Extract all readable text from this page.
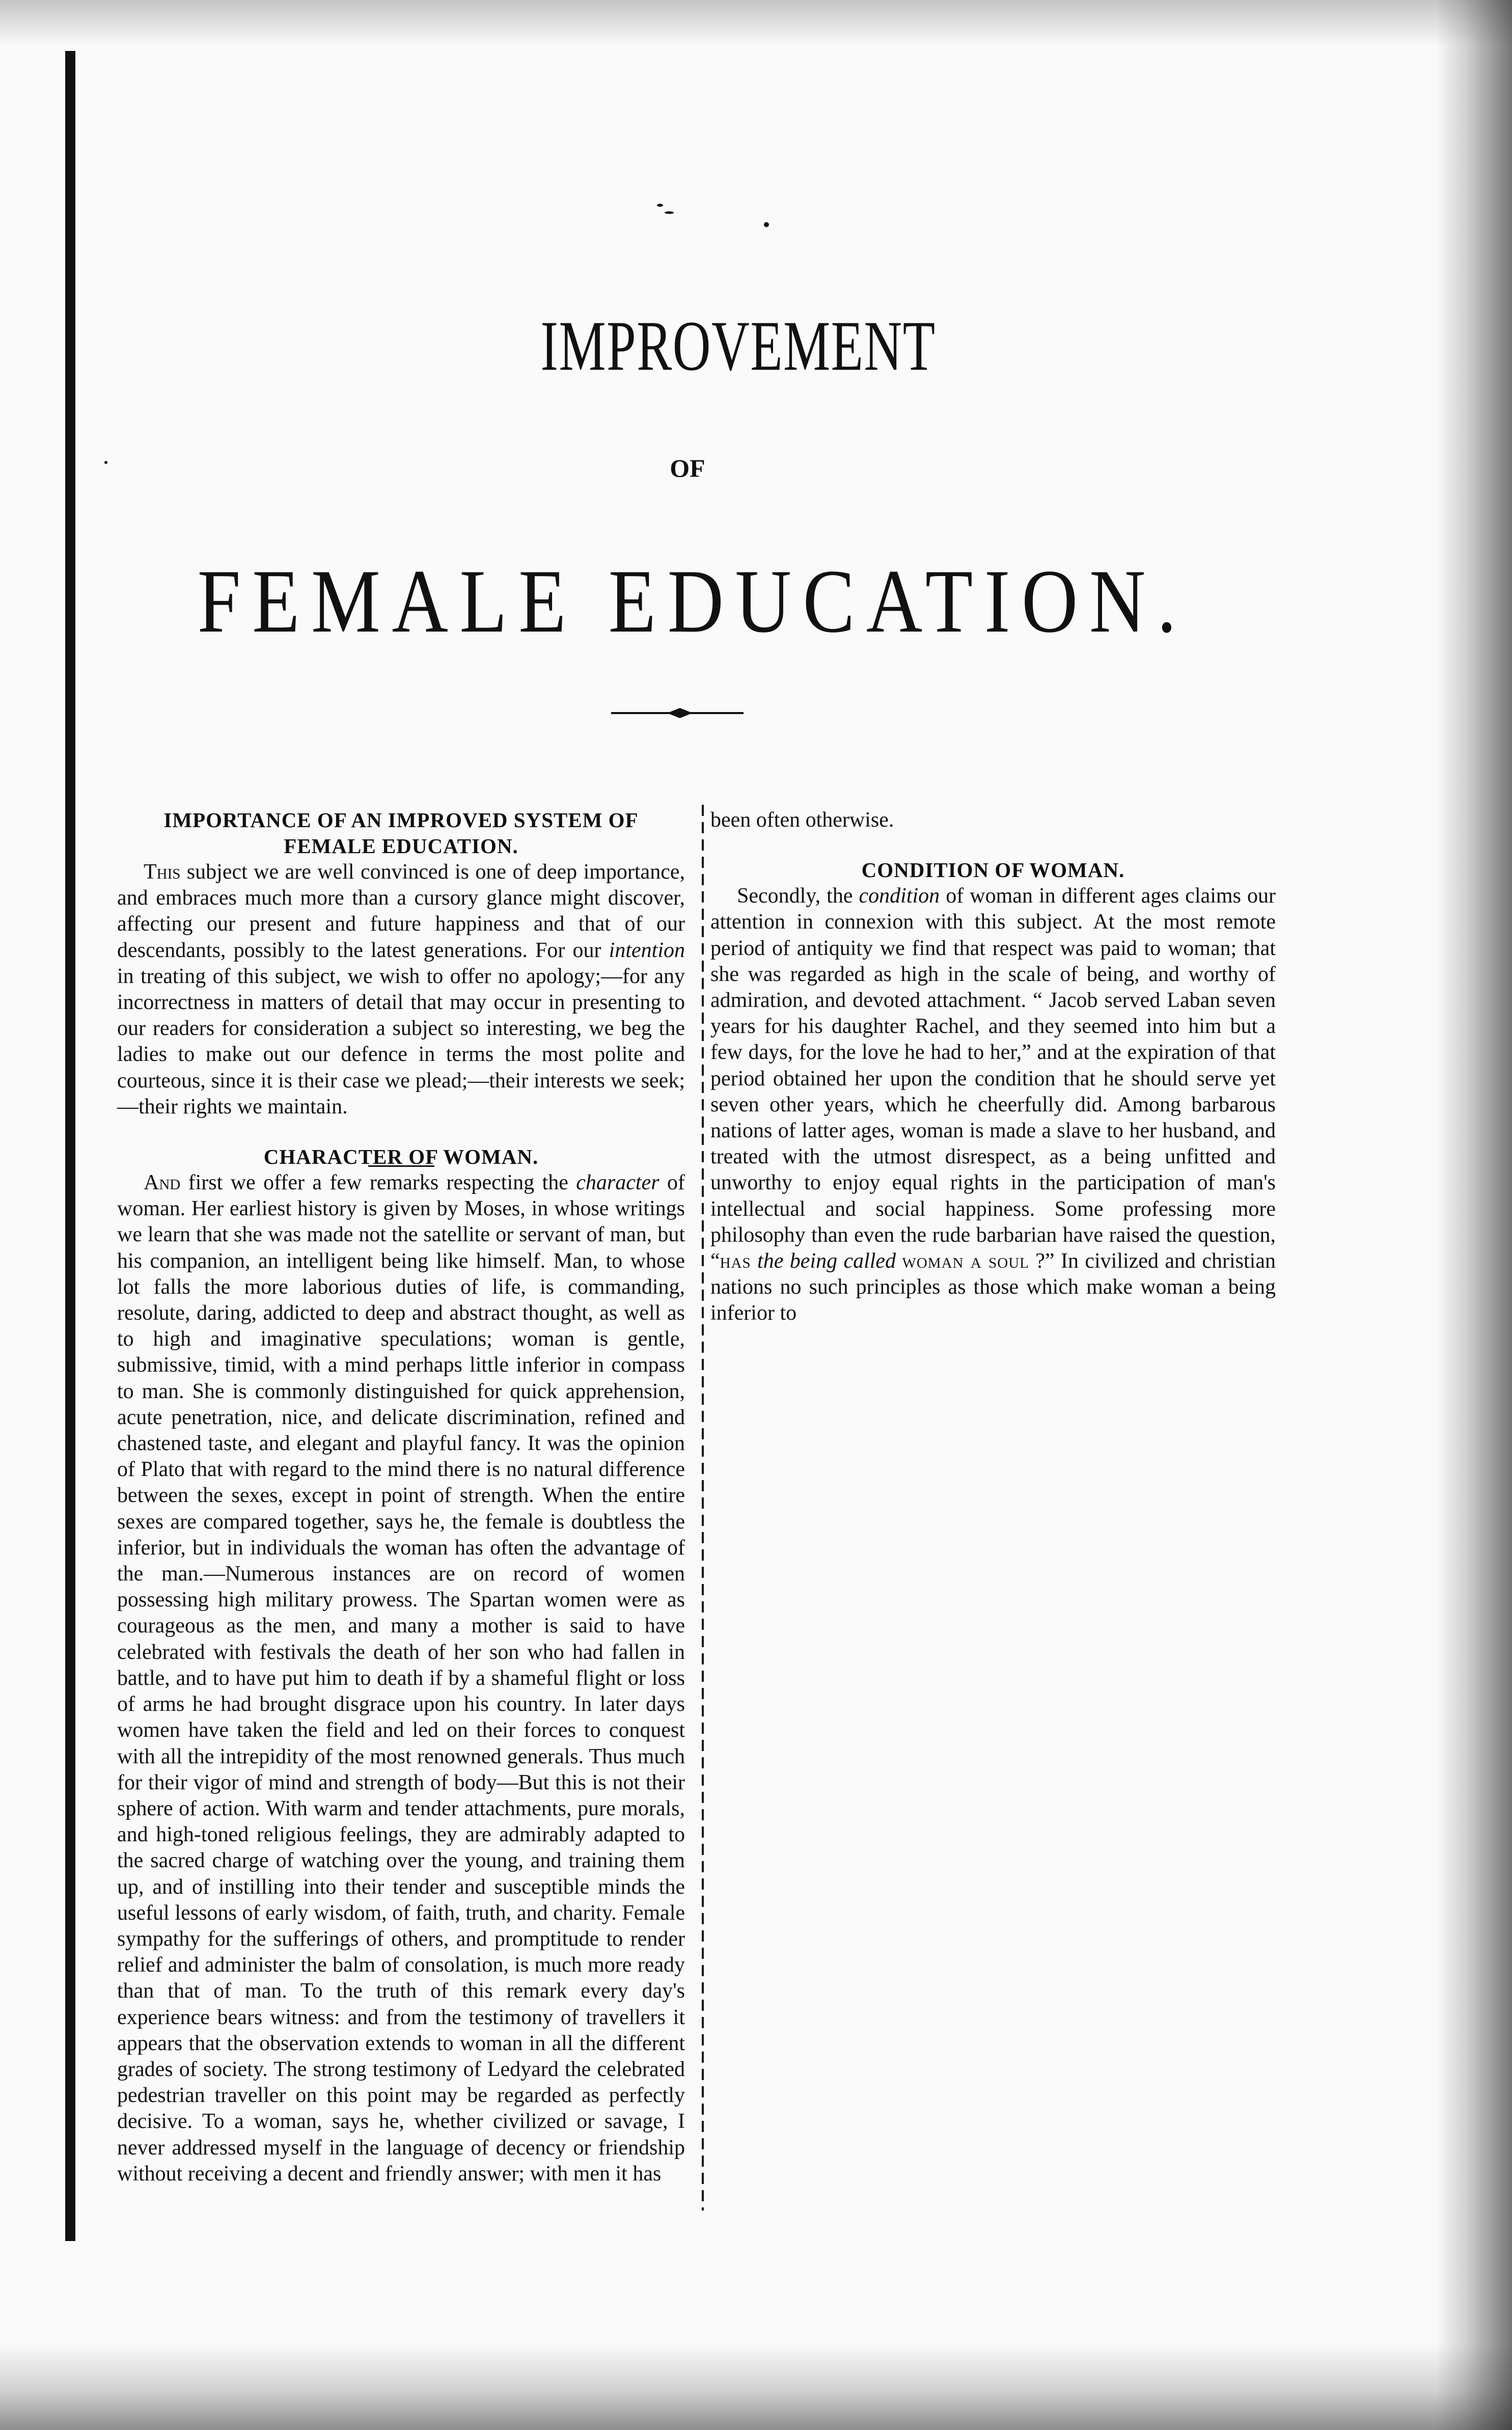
IMPROVEMENT
OF
FEMALE EDUCATION.
IMPORTANCE OF AN IMPROVED SYSTEM OF FEMALE EDUCATION.

This subject we are well convinced is one of deep importance, and embraces much more than a cursory glance might discover, affecting our present and future happiness and that of our descendants, possibly to the latest generations. For our intention in treating of this subject, we wish to offer no apology;—for any incorrectness in matters of detail that may occur in presenting to our readers for consideration a subject so interesting, we beg the ladies to make out our defence in terms the most polite and courteous, since it is their case we plead;—their interests we seek;—their rights we maintain.

CHARACTER OF WOMAN.

And first we offer a few remarks respecting the character of woman. Her earliest history is given by Moses, in whose writings we learn that she was made not the satellite or servant of man, but his companion, an intelligent being like himself. Man, to whose lot falls the more laborious duties of life, is commanding, resolute, daring, addicted to deep and abstract thought, as well as to high and imaginative speculations; woman is gentle, submissive, timid, with a mind perhaps little inferior in compass to man. She is commonly distinguished for quick apprehension, acute penetration, nice, and delicate discrimination, refined and chastened taste, and elegant and playful fancy. It was the opinion of Plato that with regard to the mind there is no natural difference between the sexes, except in point of strength. When the entire sexes are compared together, says he, the female is doubtless the inferior, but in individuals the woman has often the advantage of the man.—Numerous instances are on record of women possessing high military prowess. The Spartan women were as courageous as the men, and many a mother is said to have celebrated with festivals the death of her son who had fallen in battle, and to have put him to death if by a shameful flight or loss of arms he had brought disgrace upon his country. In later days women have taken the field and led on their forces to conquest with all the intrepidity of the most renowned generals. Thus much for their vigor of mind and strength of body—But this is not their sphere of action. With warm and tender attachments, pure morals, and high-toned religious feelings, they are admirably adapted to the sacred charge of watching over the young, and training them up, and of instilling into their tender and susceptible minds the useful lessons of early wisdom, of faith, truth, and charity. Female sympathy for the sufferings of others, and promptitude to render relief and administer the balm of consolation, is much more ready than that of man. To the truth of this remark every day's experience bears witness: and from the testimony of travellers it appears that the observation extends to woman in all the different grades of society. The strong testimony of Ledyard the celebrated pedestrian traveller on this point may be regarded as perfectly decisive. To a woman, says he, whether civilized or savage, I never addressed myself in the language of decency or friendship without receiving a decent and friendly answer; with men it has

been often otherwise.

CONDITION OF WOMAN.

Secondly, the condition of woman in different ages claims our attention in connexion with this subject. At the most remote period of antiquity we find that respect was paid to woman; that she was regarded as high in the scale of being, and worthy of admiration, and devoted attachment. “ Jacob served Laban seven years for his daughter Rachel, and they seemed into him but a few days, for the love he had to her,” and at the expiration of that period obtained her upon the condition that he should serve yet seven other years, which he cheerfully did. Among barbarous nations of latter ages, woman is made a slave to her husband, and treated with the utmost disrespect, as a being unfitted and unworthy to enjoy equal rights in the participation of man's intellectual and social happiness. Some professing more philosophy than even the rude barbarian have raised the question, “has the being called woman a soul ?” In civilized and christian nations no such principles as those which make woman a being inferior to
